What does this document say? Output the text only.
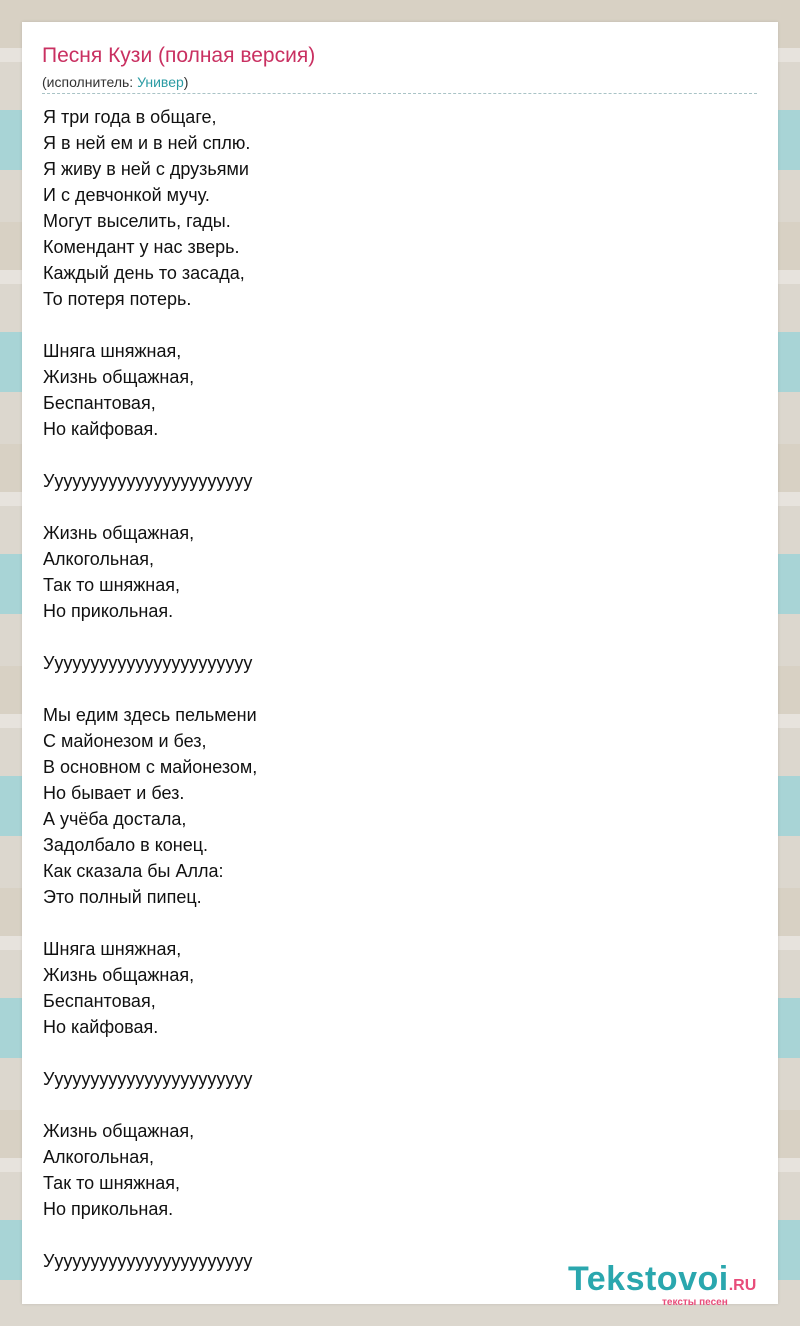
Песня Кузи (полная версия)
(исполнитель: Универ)
Я три года в общаге,
Я в ней ем и в ней сплю.
Я живу в ней с друзьями
И с девчонкой мучу.
Могут выселить, гады.
Комендант у нас зверь.
Каждый день то засада,
То потеря потерь.
Шняга шняжная,
Жизнь общажная,
Беспантовая,
Но кайфовая.
Ууууууууууууууууууууууу
Жизнь общажная,
Алкогольная,
Так то шняжная,
Но прикольная.
Ууууууууууууууууууууууу
Мы едим здесь пельмени
С майонезом и без,
В основном с майонезом,
Но бывает и без.
А учёба достала,
Задолбало в конец.
Как сказала бы Алла:
Это полный пипец.
Шняга шняжная,
Жизнь общажная,
Беспантовая,
Но кайфовая.
Ууууууууууууууууууууууу
Жизнь общажная,
Алкогольная,
Так то шняжная,
Но прикольная.
Ууууууууууууууууууууууу	Tekstovoi.RU
тексты песен
